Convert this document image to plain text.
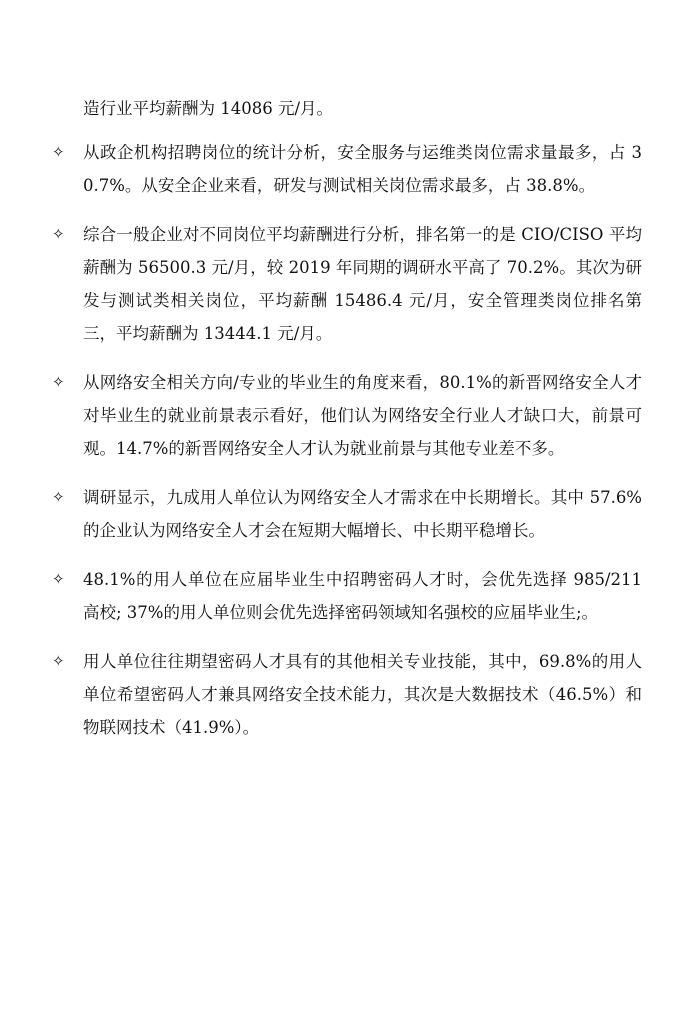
造行业平均薪酬为 14086 元/月。

✧	从政企机构招聘岗位的统计分析，安全服务与运维类岗位需求量最多，占 30.7%。从安全企业来看，研发与测试相关岗位需求最多，占 38.8%。
✧	综合一般企业对不同岗位平均薪酬进行分析，排名第一的是 CIO/CISO 平均薪酬为 56500.3 元/月，较 2019 年同期的调研水平高了 70.2%。其次为研发与测试类相关岗位，平均薪酬 15486.4 元/月，安全管理类岗位排名第三，平均薪酬为 13444.1 元/月。
✧	从网络安全相关方向/专业的毕业生的角度来看，80.1%的新晋网络安全人才对毕业生的就业前景表示看好，他们认为网络安全行业人才缺口大，前景可观。14.7%的新晋网络安全人才认为就业前景与其他专业差不多。
✧	调研显示，九成用人单位认为网络安全人才需求在中长期增长。其中 57.6%的企业认为网络安全人才会在短期大幅增长、中长期平稳增长。
✧	48.1%的用人单位在应届毕业生中招聘密码人才时，会优先选择 985/211 高校; 37%的用人单位则会优先选择密码领域知名强校的应届毕业生;。
✧	用人单位往往期望密码人才具有的其他相关专业技能，其中，69.8%的用人单位希望密码人才兼具网络安全技术能力，其次是大数据技术（46.5%）和物联网技术（41.9%）。
